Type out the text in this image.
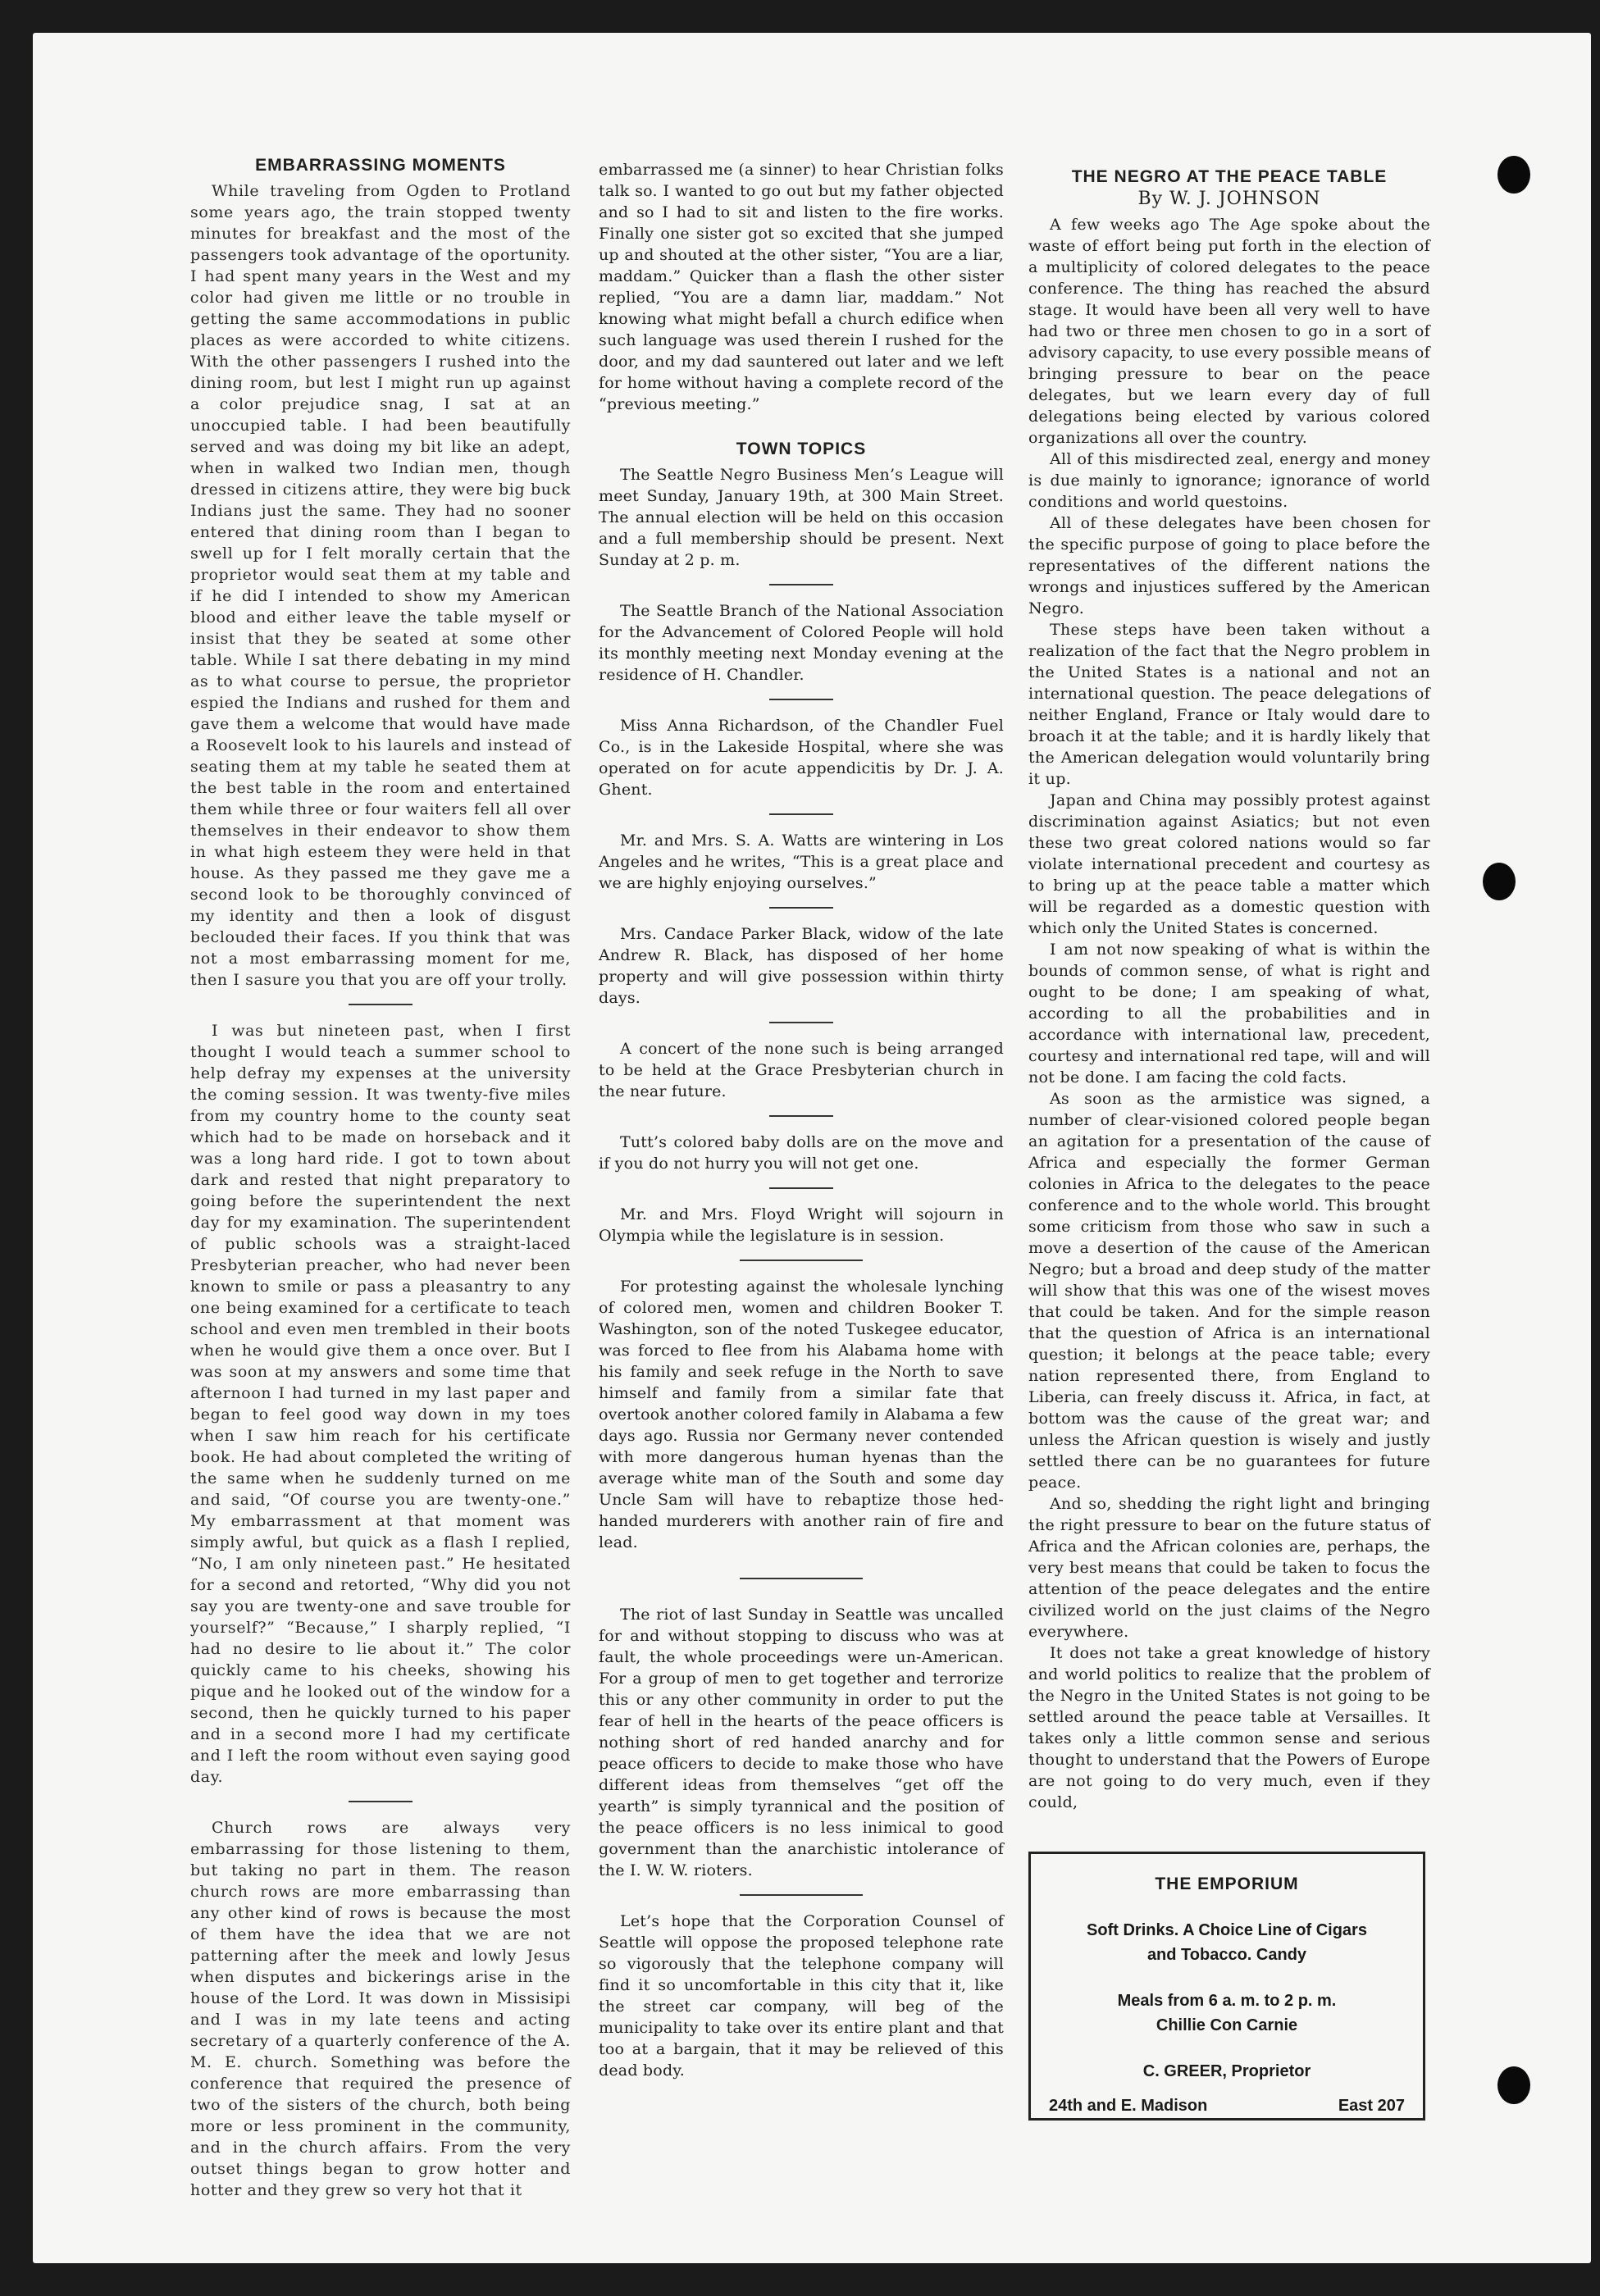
EMBARRASSING MOMENTS

While traveling from Ogden to Protland some years ago, the train stopped twenty minutes for breakfast and the most of the passengers took advantage of the oportunity. I had spent many years in the West and my color had given me little or no trouble in getting the same accommodations in public places as were accorded to white citizens. With the other passengers I rushed into the dining room, but lest I might run up against a color prejudice snag, I sat at an unoccupied table. I had been beautifully served and was doing my bit like an adept, when in walked two Indian men, though dressed in citizens attire, they were big buck Indians just the same. They had no sooner entered that dining room than I began to swell up for I felt morally certain that the proprietor would seat them at my table and if he did I intended to show my American blood and either leave the table myself or insist that they be seated at some other table. While I sat there debating in my mind as to what course to persue, the proprietor espied the Indians and rushed for them and gave them a welcome that would have made a Roosevelt look to his laurels and instead of seating them at my table he seated them at the best table in the room and entertained them while three or four waiters fell all over themselves in their endeavor to show them in what high esteem they were held in that house. As they passed me they gave me a second look to be thoroughly convinced of my identity and then a look of disgust beclouded their faces. If you think that was not a most embarrassing moment for me, then I sasure you that you are off your trolly.

I was but nineteen past, when I first thought I would teach a summer school to help defray my expenses at the university the coming session. It was twenty-five miles from my country home to the county seat which had to be made on horseback and it was a long hard ride. I got to town about dark and rested that night preparatory to going before the superintendent the next day for my examination. The superintendent of public schools was a straight-laced Presbyterian preacher, who had never been known to smile or pass a pleasantry to any one being examined for a certificate to teach school and even men trembled in their boots when he would give them a once over. But I was soon at my answers and some time that afternoon I had turned in my last paper and began to feel good way down in my toes when I saw him reach for his certificate book. He had about completed the writing of the same when he suddenly turned on me and said, “Of course you are twenty-one.” My embarrassment at that moment was simply awful, but quick as a flash I replied, “No, I am only nineteen past.” He hesitated for a second and retorted, “Why did you not say you are twenty-one and save trouble for yourself?” “Because,” I sharply replied, “I had no desire to lie about it.” The color quickly came to his cheeks, showing his pique and he looked out of the window for a second, then he quickly turned to his paper and in a second more I had my certificate and I left the room without even saying good day.

Church rows are always very embarrassing for those listening to them, but taking no part in them. The reason church rows are more embarrassing than any other kind of rows is because the most of them have the idea that we are not patterning after the meek and lowly Jesus when disputes and bickerings arise in the house of the Lord. It was down in Missisipi and I was in my late teens and acting secretary of a quarterly conference of the A. M. E. church. Something was before the conference that required the presence of two of the sisters of the church, both being more or less prominent in the community, and in the church affairs. From the very outset things began to grow hotter and hotter and they grew so very hot that it

embarrassed me (a sinner) to hear Christian folks talk so. I wanted to go out but my father objected and so I had to sit and listen to the fire works. Finally one sister got so excited that she jumped up and shouted at the other sister, “You are a liar, maddam.” Quicker than a flash the other sister replied, “You are a damn liar, maddam.” Not knowing what might befall a church edifice when such language was used therein I rushed for the door, and my dad sauntered out later and we left for home without having a complete record of the “previous meeting.”

TOWN TOPICS

The Seattle Negro Business Men’s League will meet Sunday, January 19th, at 300 Main Street. The annual election will be held on this occasion and a full membership should be present. Next Sunday at 2 p. m.

The Seattle Branch of the National Association for the Advancement of Colored People will hold its monthly meeting next Monday evening at the residence of H. Chandler.

Miss Anna Richardson, of the Chandler Fuel Co., is in the Lakeside Hospital, where she was operated on for acute appendicitis by Dr. J. A. Ghent.

Mr. and Mrs. S. A. Watts are wintering in Los Angeles and he writes, “This is a great place and we are highly enjoying ourselves.”

Mrs. Candace Parker Black, widow of the late Andrew R. Black, has disposed of her home property and will give possession within thirty days.

A concert of the none such is being arranged to be held at the Grace Presbyterian church in the near future.

Tutt’s colored baby dolls are on the move and if you do not hurry you will not get one.

Mr. and Mrs. Floyd Wright will sojourn in Olympia while the legislature is in session.

For protesting against the wholesale lynching of colored men, women and children Booker T. Washington, son of the noted Tuskegee educator, was forced to flee from his Alabama home with his family and seek refuge in the North to save himself and family from a similar fate that overtook another colored family in Alabama a few days ago. Russia nor Germany never contended with more dangerous human hyenas than the average white man of the South and some day Uncle Sam will have to rebaptize those hed-handed murderers with another rain of fire and lead.

The riot of last Sunday in Seattle was uncalled for and without stopping to discuss who was at fault, the whole proceedings were un-American. For a group of men to get together and terrorize this or any other community in order to put the fear of hell in the hearts of the peace officers is nothing short of red handed anarchy and for peace officers to decide to make those who have different ideas from themselves “get off the yearth” is simply tyrannical and the position of the peace officers is no less inimical to good government than the anarchistic intolerance of the I. W. W. rioters.

Let’s hope that the Corporation Counsel of Seattle will oppose the proposed telephone rate so vigorously that the telephone company will find it so uncomfortable in this city that it, like the street car company, will beg of the municipality to take over its entire plant and that too at a bargain, that it may be relieved of this dead body.

THE NEGRO AT THE PEACE TABLE
By W. J. JOHNSON

A few weeks ago The Age spoke about the waste of effort being put forth in the election of a multiplicity of colored delegates to the peace conference. The thing has reached the absurd stage. It would have been all very well to have had two or three men chosen to go in a sort of advisory capacity, to use every possible means of bringing pressure to bear on the peace delegates, but we learn every day of full delegations being elected by various colored organizations all over the country.

All of this misdirected zeal, energy and money is due mainly to ignorance; ignorance of world conditions and world questoins.

All of these delegates have been chosen for the specific purpose of going to place before the representatives of the different nations the wrongs and injustices suffered by the American Negro.

These steps have been taken without a realization of the fact that the Negro problem in the United States is a national and not an international question. The peace delegations of neither England, France or Italy would dare to broach it at the table; and it is hardly likely that the American delegation would voluntarily bring it up.

Japan and China may possibly protest against discrimination against Asiatics; but not even these two great colored nations would so far violate international precedent and courtesy as to bring up at the peace table a matter which will be regarded as a domestic question with which only the United States is concerned.

I am not now speaking of what is within the bounds of common sense, of what is right and ought to be done; I am speaking of what, according to all the probabilities and in accordance with international law, precedent, courtesy and international red tape, will and will not be done. I am facing the cold facts.

As soon as the armistice was signed, a number of clear-visioned colored people began an agitation for a presentation of the cause of Africa and especially the former German colonies in Africa to the delegates to the peace conference and to the whole world. This brought some criticism from those who saw in such a move a desertion of the cause of the American Negro; but a broad and deep study of the matter will show that this was one of the wisest moves that could be taken. And for the simple reason that the question of Africa is an international question; it belongs at the peace table; every nation represented there, from England to Liberia, can freely discuss it. Africa, in fact, at bottom was the cause of the great war; and unless the African question is wisely and justly settled there can be no guarantees for future peace.

And so, shedding the right light and bringing the right pressure to bear on the future status of Africa and the African colonies are, perhaps, the very best means that could be taken to focus the attention of the peace delegates and the entire civilized world on the just claims of the Negro everywhere.

It does not take a great knowledge of history and world politics to realize that the problem of the Negro in the United States is not going to be settled around the peace table at Versailles. It takes only a little common sense and serious thought to understand that the Powers of Europe are not going to do very much, even if they could,

THE EMPORIUM
Soft Drinks. A Choice Line of Cigars
and Tobacco. Candy
Meals from 6 a. m. to 2 p. m.
Chillie Con Carnie
C. GREER, Proprietor
24th and E. Madison	East 207
